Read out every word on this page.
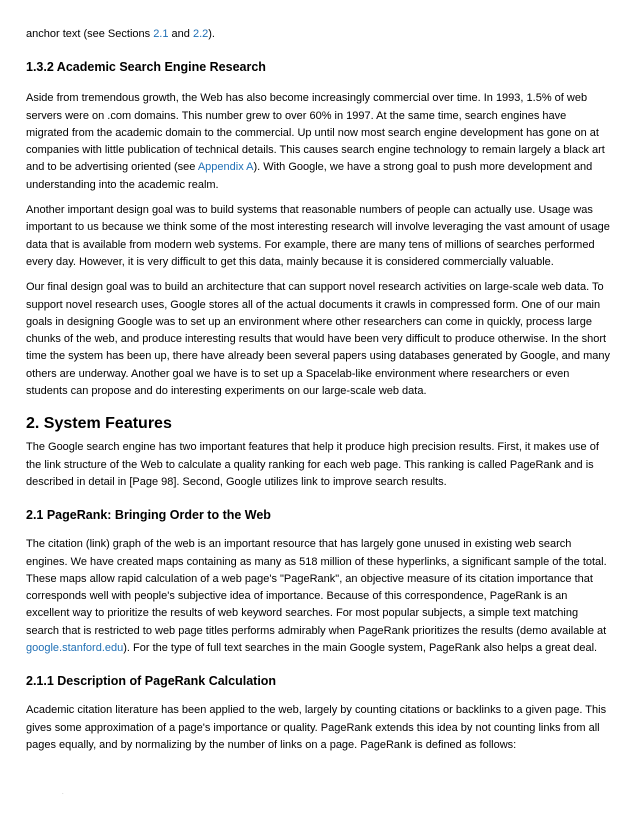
anchor text (see Sections 2.1 and 2.2).

1.3.2 Academic Search Engine Research

Aside from tremendous growth, the Web has also become increasingly commercial over time. In 1993, 1.5% of web servers were on .com domains. This number grew to over 60% in 1997. At the same time, search engines have migrated from the academic domain to the commercial. Up until now most search engine development has gone on at companies with little publication of technical details. This causes search engine technology to remain largely a black art and to be advertising oriented (see Appendix A). With Google, we have a strong goal to push more development and understanding into the academic realm.

Another important design goal was to build systems that reasonable numbers of people can actually use. Usage was important to us because we think some of the most interesting research will involve leveraging the vast amount of usage data that is available from modern web systems. For example, there are many tens of millions of searches performed every day. However, it is very difficult to get this data, mainly because it is considered commercially valuable.

Our final design goal was to build an architecture that can support novel research activities on large-scale web data. To support novel research uses, Google stores all of the actual documents it crawls in compressed form. One of our main goals in designing Google was to set up an environment where other researchers can come in quickly, process large chunks of the web, and produce interesting results that would have been very difficult to produce otherwise. In the short time the system has been up, there have already been several papers using databases generated by Google, and many others are underway. Another goal we have is to set up a Spacelab-like environment where researchers or even students can propose and do interesting experiments on our large-scale web data.

2. System Features

The Google search engine has two important features that help it produce high precision results. First, it makes use of the link structure of the Web to calculate a quality ranking for each web page. This ranking is called PageRank and is described in detail in [Page 98]. Second, Google utilizes link to improve search results.

2.1 PageRank: Bringing Order to the Web

The citation (link) graph of the web is an important resource that has largely gone unused in existing web search engines. We have created maps containing as many as 518 million of these hyperlinks, a significant sample of the total. These maps allow rapid calculation of a web page's "PageRank", an objective measure of its citation importance that corresponds well with people's subjective idea of importance. Because of this correspondence, PageRank is an excellent way to prioritize the results of web keyword searches. For most popular subjects, a simple text matching search that is restricted to web page titles performs admirably when PageRank prioritizes the results (demo available at google.stanford.edu). For the type of full text searches in the main Google system, PageRank also helps a great deal.

2.1.1 Description of PageRank Calculation

Academic citation literature has been applied to the web, largely by counting citations or backlinks to a given page. This gives some approximation of a page's importance or quality. PageRank extends this idea by not counting links from all pages equally, and by normalizing by the number of links on a page. PageRank is defined as follows:

.
